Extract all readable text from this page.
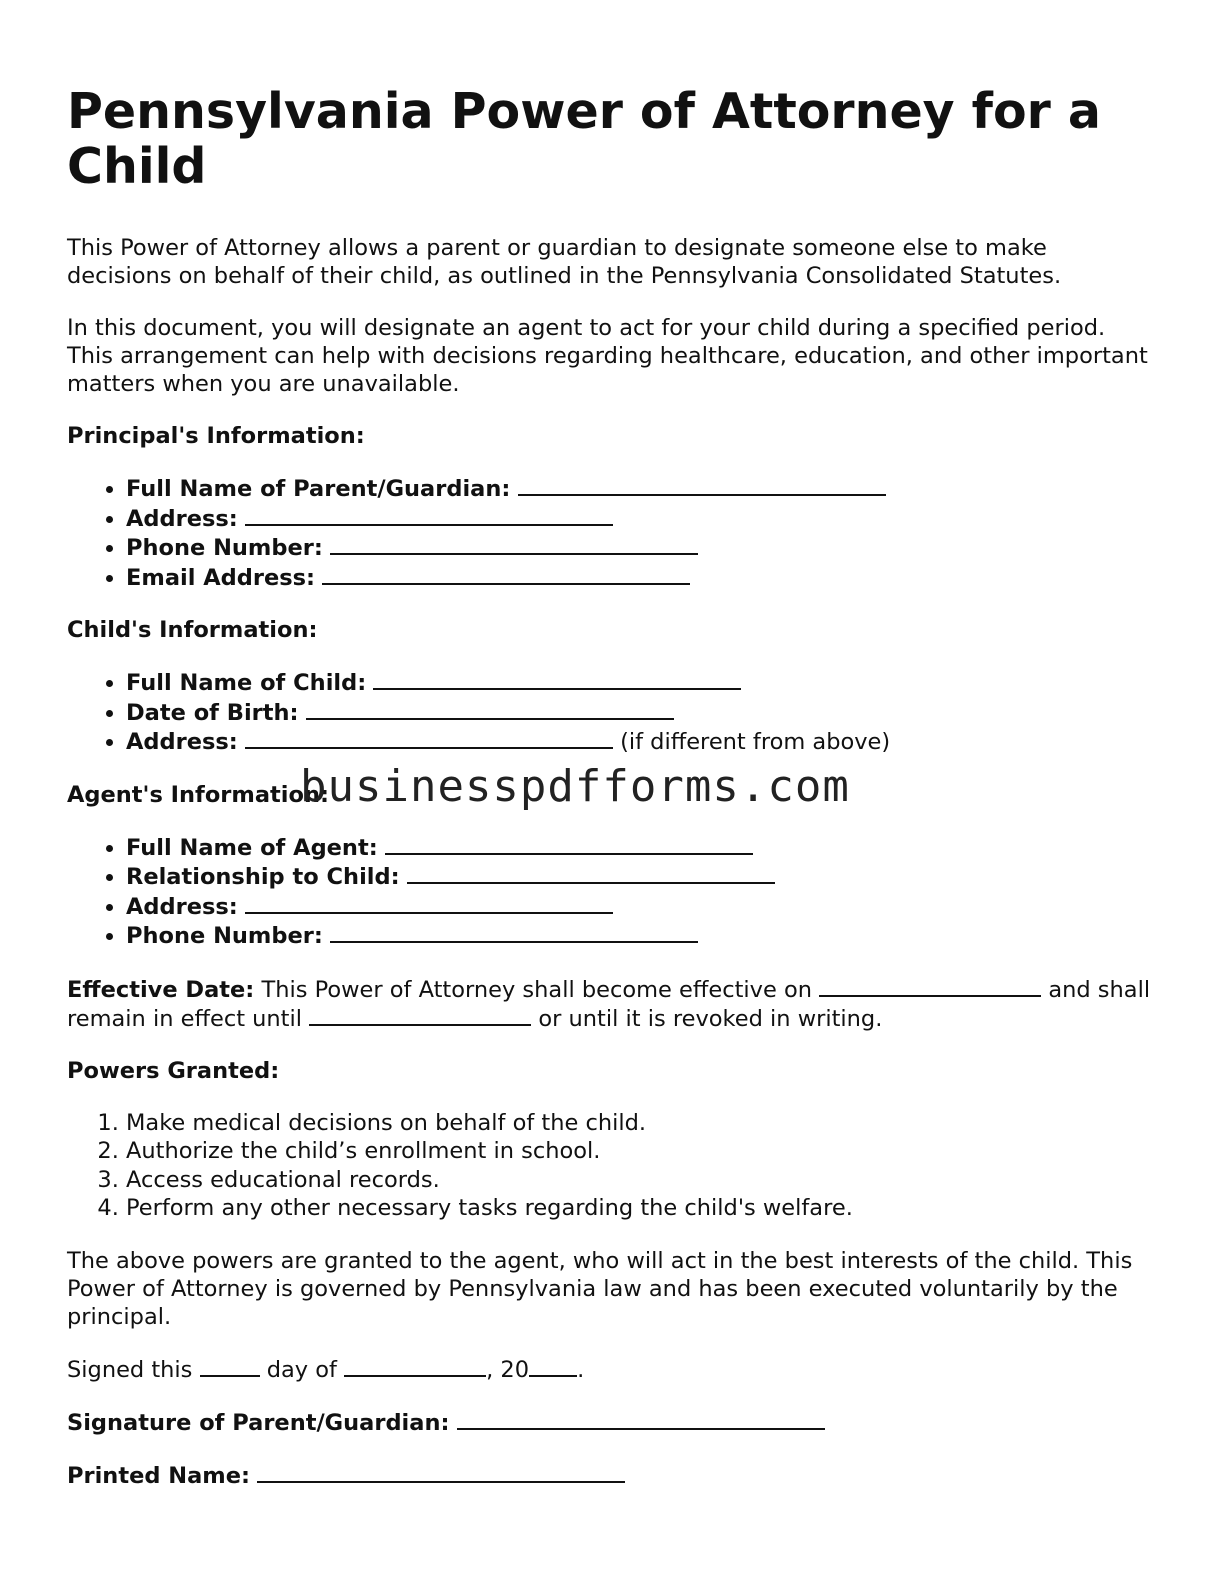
Pennsylvania Power of Attorney for a Child

This Power of Attorney allows a parent or guardian to designate someone else to make decisions on behalf of their child, as outlined in the Pennsylvania Consolidated Statutes.

In this document, you will designate an agent to act for your child during a specified period. This arrangement can help with decisions regarding healthcare, education, and other important matters when you are unavailable.

Principal's Information:
• Full Name of Parent/Guardian:
• Address:
• Phone Number:
• Email Address:
Child's Information:
• Full Name of Child:
• Date of Birth:
• Address:	(if different from above)
Agent's Information:
• Full Name of Agent:
• Relationship to Child:
• Address:
• Phone Number:

Effective Date: This Power of Attorney shall become effective on	and shall remain in effect until	or until it is revoked in writing.

Powers Granted:
1. Make medical decisions on behalf of the child.
2. Authorize the child’s enrollment in school.
3. Access educational records.
4. Perform any other necessary tasks regarding the child's welfare.

The above powers are granted to the agent, who will act in the best interests of the child. This Power of Attorney is governed by Pennsylvania law and has been executed voluntarily by the principal.

Signed this	day of	, 20 .

Signature of Parent/Guardian:

Printed Name:

businesspdfforms.com
